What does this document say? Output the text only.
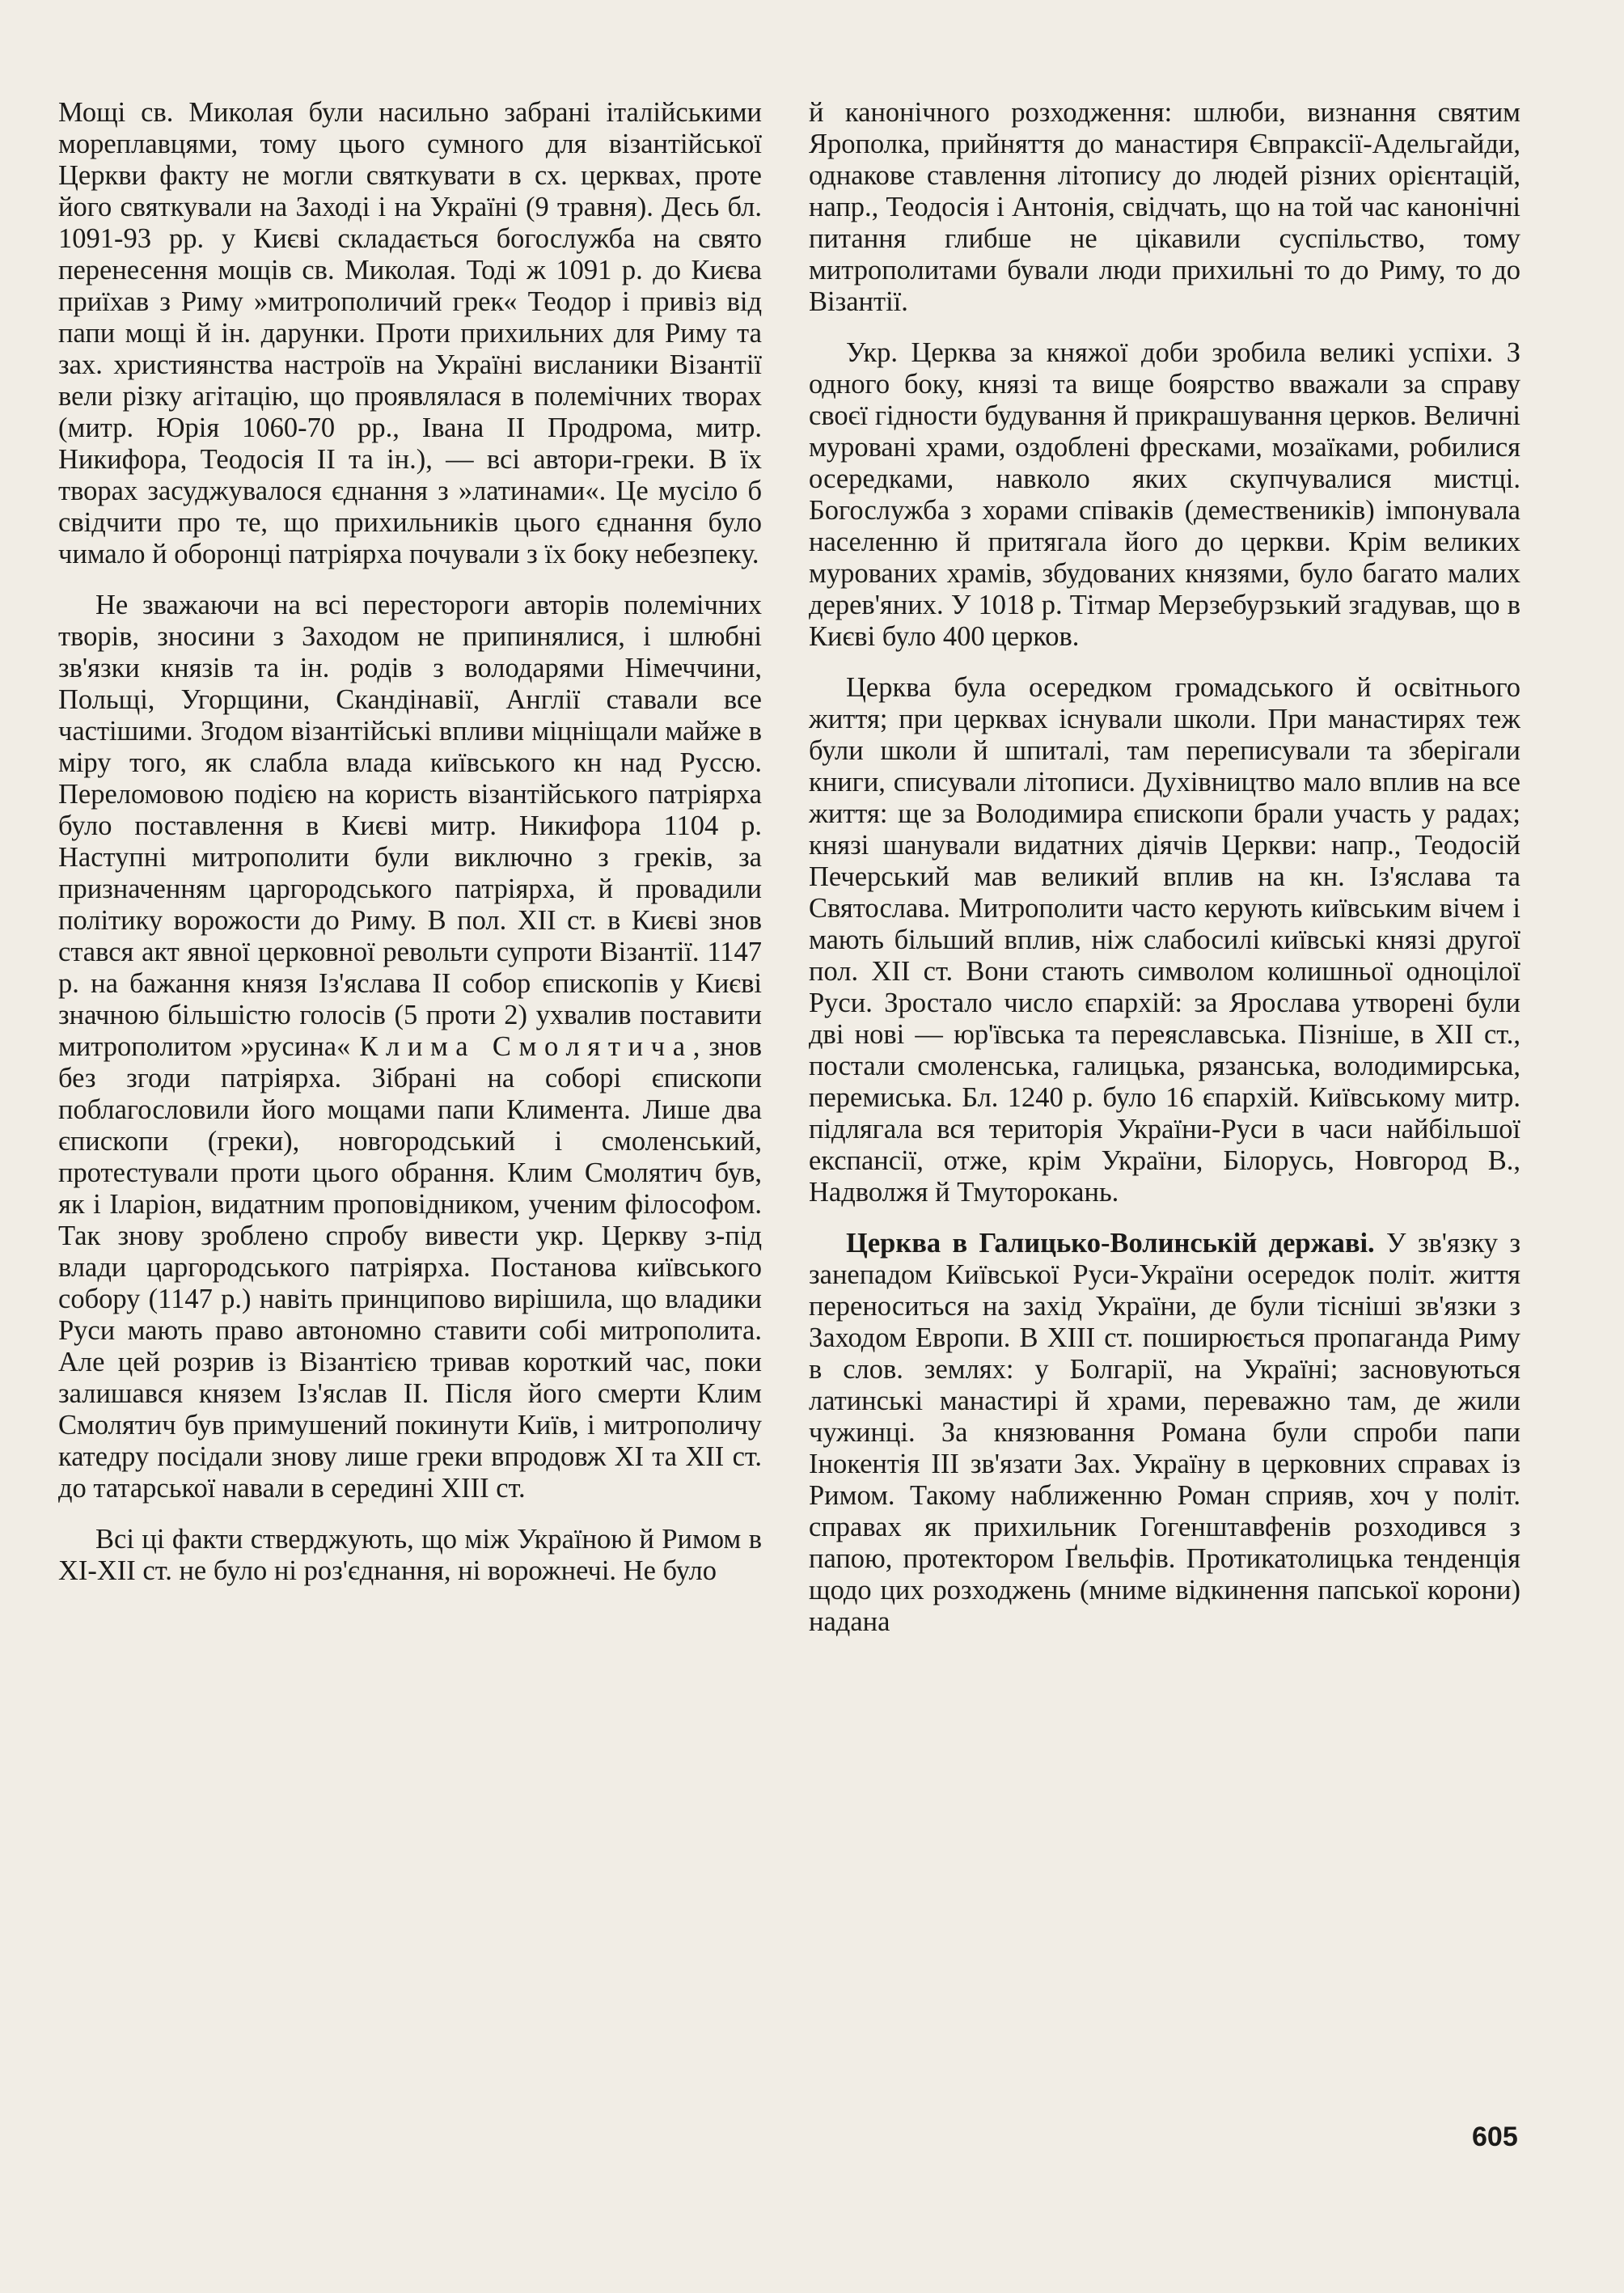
Мощі св. Миколая були насильно забрані італійськими мореплавцями, тому цього сумного для візантійської Церкви факту не могли святкувати в сх. церквах, проте його святкували на Заході і на Україні (9 травня). Десь бл. 1091-93 рр. у Києві складається богослужба на свято перенесення мощів св. Миколая. Тоді ж 1091 р. до Києва приїхав з Риму »митрополичий грек« Теодор і привіз від папи мощі й ін. дарунки. Проти прихильних для Риму та зах. християнства настроїв на Україні висланики Візантії вели різку агітацію, що проявлялася в полемічних творах (митр. Юрія 1060-70 рр., Івана II Продрома, митр. Никифора, Теодосія II та ін.), — всі автори-греки. В їх творах засуджувалося єднання з »латинами«. Це мусіло б свідчити про те, що прихильників цього єднання було чимало й оборонці патріярха почували з їх боку небезпеку.

Не зважаючи на всі перестороги авторів полемічних творів, зносини з Заходом не припинялися, і шлюбні зв'язки князів та ін. родів з володарями Німеччини, Польщі, Угорщини, Скандінавії, Англії ставали все частішими. Згодом візантійські впливи міцніщали майже в міру того, як слабла влада київського кн над Руссю. Переломовою подією на користь візантійського патріярха було поставлення в Києві митр. Никифора 1104 р. Наступні митрополити були виключно з греків, за призначенням царгородського патріярха, й провадили політику ворожости до Риму. В пол. XII ст. в Києві знов стався акт явної церковної револьти супроти Візантії. 1147 р. на бажання князя Із'яслава II собор єпископів у Києві значною більшістю голосів (5 проти 2) ухвалив поставити митрополитом »русина« Клима Смолятича, знов без згоди патріярха. Зібрані на соборі єпископи поблагословили його мощами папи Климента. Лише два єпископи (греки), новгородський і смоленський, протестували проти цього обрання. Клим Смолятич був, як і Іларіон, видатним проповідником, ученим філософом. Так знову зроблено спробу вивести укр. Церкву з-під влади царгородського патріярха. Постанова київського собору (1147 р.) навіть принципово вирішила, що владики Руси мають право автономно ставити собі митрополита. Але цей розрив із Візантією тривав короткий час, поки залишався князем Із'яслав II. Після його смерти Клим Смолятич був примушений покинути Київ, і митрополичу катедру посідали знову лише греки впродовж XI та XII ст. до татарської навали в середині XIII ст.

Всі ці факти стверджують, що між Україною й Римом в XI-XII ст. не було ні роз'єднання, ні ворожнечі. Не було

й канонічного розходження: шлюби, визнання святим Ярополка, прийняття до манастиря Євпраксії-Адельгайди, однакове ставлення літопису до людей різних орієнтацій, напр., Теодосія і Антонія, свідчать, що на той час канонічні питання глибше не цікавили суспільство, тому митрополитами бували люди прихильні то до Риму, то до Візантії.

Укр. Церква за княжої доби зробила великі успіхи. З одного боку, князі та вище боярство вважали за справу своєї гідности будування й прикрашування церков. Величні муровані храми, оздоблені фресками, мозаїками, робилися осередками, навколо яких скупчувалися мистці. Богослужба з хорами співаків (демествеників) імпонувала населенню й притягала його до церкви. Крім великих мурованих храмів, збудованих князями, було багато малих дерев'яних. У 1018 р. Тітмар Мерзебурзький згадував, що в Києві було 400 церков.

Церква була осередком громадського й освітнього життя; при церквах існували школи. При манастирях теж були школи й шпиталі, там переписували та зберігали книги, списували літописи. Духівництво мало вплив на все життя: ще за Володимира єпископи брали участь у радах; князі шанували видатних діячів Церкви: напр., Теодосій Печерський мав великий вплив на кн. Із'яслава та Святослава. Митрополити часто керують київським вічем і мають більший вплив, ніж слабосилі київські князі другої пол. XII ст. Вони стають символом колишньої одноцілої Руси. Зростало число єпархій: за Ярослава утворені були дві нові — юр'ївська та переяславська. Пізніше, в XII ст., постали смоленська, галицька, рязанська, володимирська, перемиська. Бл. 1240 р. було 16 єпархій. Київському митр. підлягала вся територія України-Руси в часи найбільшої експансії, отже, крім України, Білорусь, Новгород В., Надволжя й Тмуторокань.

Церква в Галицько-Волинській державі. У зв'язку з занепадом Київської Руси-України осередок політ. життя переноситься на захід України, де були тісніші зв'язки з Заходом Европи. В XIII ст. поширюється пропаганда Риму в слов. землях: у Болгарії, на Україні; засновуються латинські манастирі й храми, переважно там, де жили чужинці. За князювання Романа були спроби папи Інокентія III зв'язати Зах. Україну в церковних справах із Римом. Такому наближенню Роман сприяв, хоч у політ. справах як прихильник Гогенштавфенів розходився з папою, протектором Ґвельфів. Протикатолицька тенденція щодо цих розходжень (мниме відкинення папської корони) надана

605
